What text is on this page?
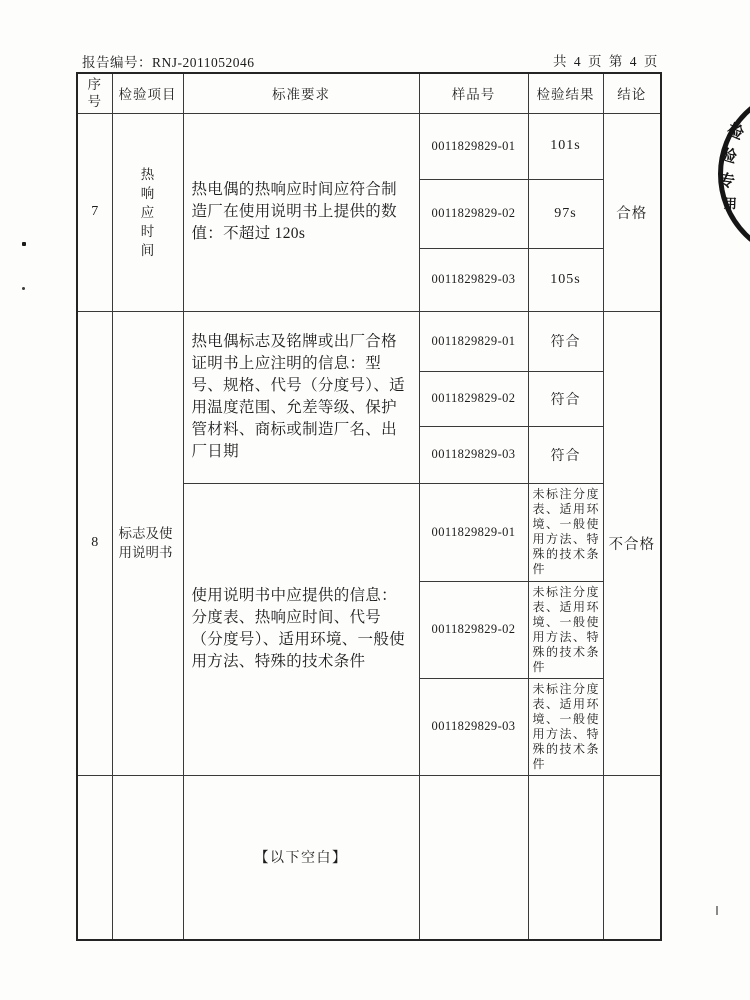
报告编号：RNJ-2011052046	共 4 页 第 4 页
序号	检验项目	标准要求	样品号	检验结果	结论
7	热响应时间	热电偶的热响应时间应符合制造厂在使用说明书上提供的数值：不超过 120s	0011829829-01	101s	合格
			0011829829-02	97s	
			0011829829-03	105s	
8	标志及使用说明书	热电偶标志及铭牌或出厂合格证明书上应注明的信息：型号、规格、代号（分度号）、适用温度范围、允差等级、保护管材料、商标或制造厂名、出厂日期	0011829829-01	符合	不合格
			0011829829-02	符合	
			0011829829-03	符合	
		使用说明书中应提供的信息：分度表、热响应时间、代号（分度号）、适用环境、一般使用方法、特殊的技术条件	0011829829-01	未标注分度表、适用环境、一般使用方法、特殊的技术条件	
			0011829829-02	未标注分度表、适用环境、一般使用方法、特殊的技术条件	
			0011829829-03	未标注分度表、适用环境、一般使用方法、特殊的技术条件	
		【以下空白】			
检
验
专
用
